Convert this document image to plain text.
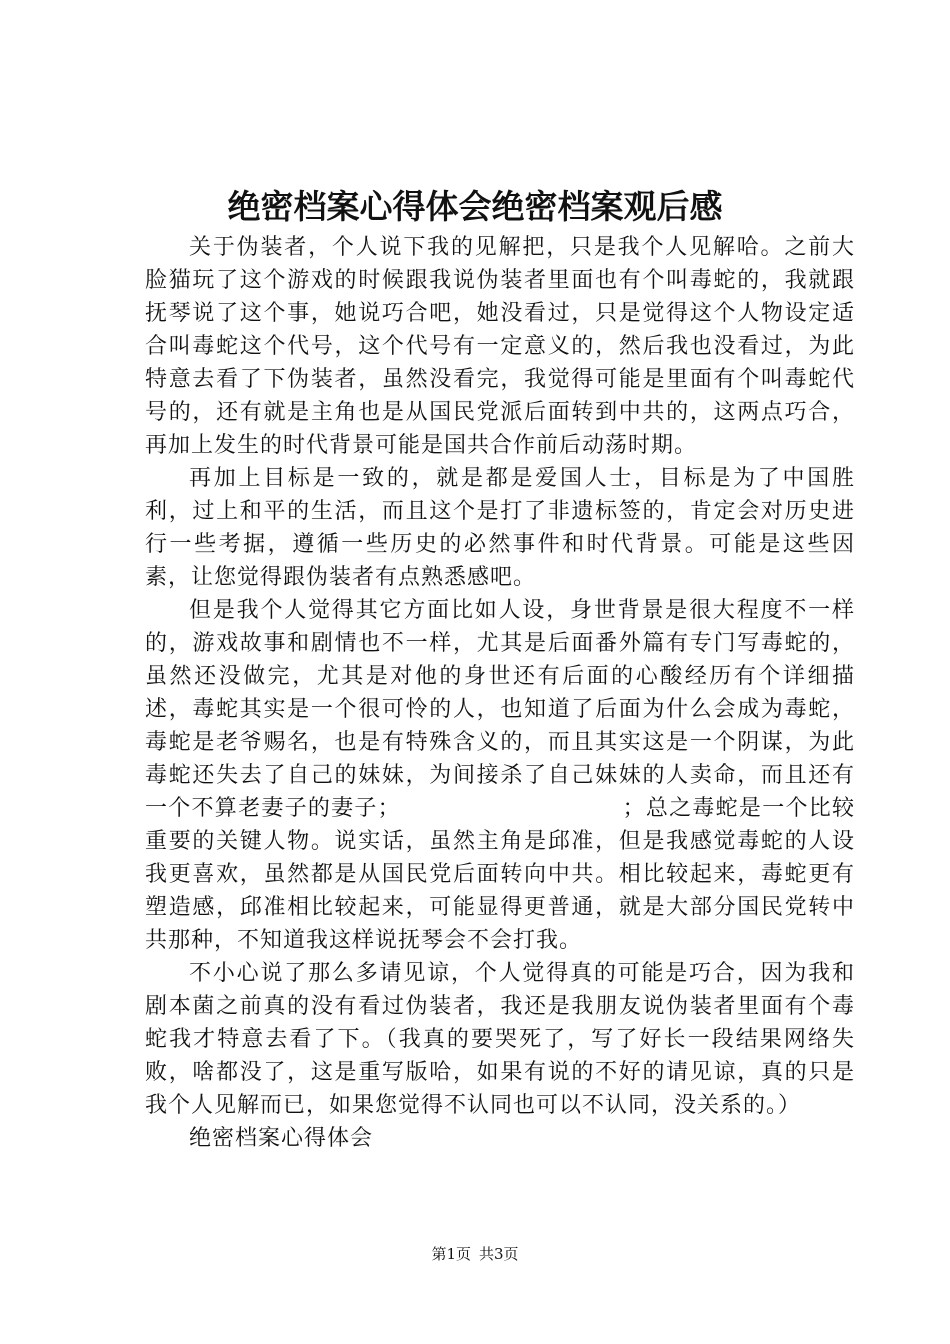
绝密档案心得体会绝密档案观后感

关于伪装者，个人说下我的见解把，只是我个人见解哈。之前大脸猫玩了这个游戏的时候跟我说伪装者里面也有个叫毒蛇的，我就跟抚琴说了这个事，她说巧合吧，她没看过，只是觉得这个人物设定适合叫毒蛇这个代号，这个代号有一定意义的，然后我也没看过，为此特意去看了下伪装者，虽然没看完，我觉得可能是里面有个叫毒蛇代号的，还有就是主角也是从国民党派后面转到中共的，这两点巧合，再加上发生的时代背景可能是国共合作前后动荡时期。

再加上目标是一致的，就是都是爱国人士，目标是为了中国胜利，过上和平的生活，而且这个是打了非遗标签的，肯定会对历史进行一些考据，遵循一些历史的必然事件和时代背景。可能是这些因素，让您觉得跟伪装者有点熟悉感吧。

但是我个人觉得其它方面比如人设，身世背景是很大程度不一样的，游戏故事和剧情也不一样，尤其是后面番外篇有专门写毒蛇的，虽然还没做完，尤其是对他的身世还有后面的心酸经历有个详细描述，毒蛇其实是一个很可怜的人，也知道了后面为什么会成为毒蛇，毒蛇是老爷赐名，也是有特殊含义的，而且其实这是一个阴谋，为此毒蛇还失去了自己的妹妹，为间接杀了自己妹妹的人卖命，而且还有一个不算老妻子的妻子；　　　　　　　　　　；总之毒蛇是一个比较重要的关键人物。说实话，虽然主角是邱准，但是我感觉毒蛇的人设我更喜欢，虽然都是从国民党后面转向中共。相比较起来，毒蛇更有塑造感，邱准相比较起来，可能显得更普通，就是大部分国民党转中共那种，不知道我这样说抚琴会不会打我。

不小心说了那么多请见谅，个人觉得真的可能是巧合，因为我和剧本菌之前真的没有看过伪装者，我还是我朋友说伪装者里面有个毒蛇我才特意去看了下。（我真的要哭死了，写了好长一段结果网络失败，啥都没了，这是重写版哈，如果有说的不好的请见谅，真的只是我个人见解而已，如果您觉得不认同也可以不认同，没关系的。）

绝密档案心得体会

第1页 共3页
